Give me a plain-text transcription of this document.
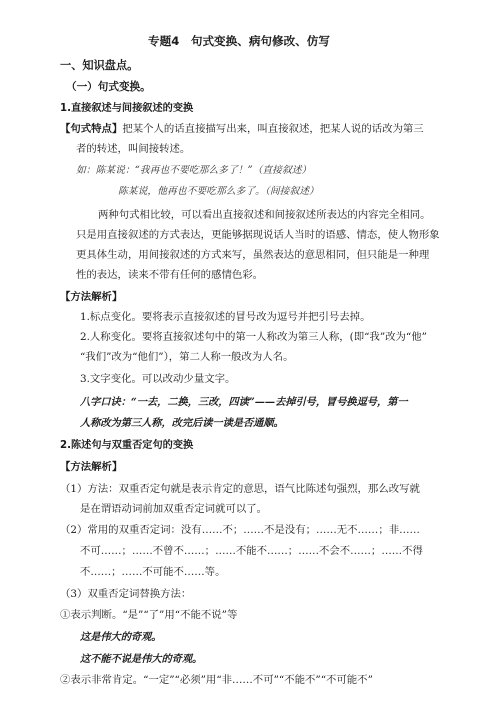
专题4　句式变换、病句修改、仿写
一、知识盘点。
（一）句式变换。
1.直接叙述与间接叙述的变换
【句式特点】把某个人的话直接描写出来，叫直接叙述，把某人说的话改为第三
者的转述，叫间接转述。
如：陈某说：“我再也不要吃那么多了！”（直接叙述）
陈某说，他再也不要吃那么多了。（间接叙述）
两种句式相比较，可以看出直接叙述和间接叙述所表达的内容完全相同。
只是用直接叙述的方式表达，更能够据现说话人当时的语感、情态，使人物形象
更具体生动，用间接叙述的方式来写，虽然表达的意思相同，但只能是一种理
性的表达，读来不带有任何的感情色彩。
【方法解析】
1.标点变化。要将表示直接叙述的冒号改为逗号并把引号去掉。
2.人称变化。要将直接叙述句中的第一人称改为第三人称，(即“我”改为“他”
“我们”改为“他们”），第二人称一般改为人名。
3.文字变化。可以改动少量文字。
八字口诀：“一去，二换，三改，四读”——去掉引号，冒号换逗号，第一
人称改为第三人称，改完后读一读是否通顺。
2.陈述句与双重否定句的变换
【方法解析】
（1）方法：双重否定句就是表示肯定的意思，语气比陈述句强烈，那么改写就
是在谓语动词前加双重否定词就可以了。
（2）常用的双重否定词：没有……不；……不是没有；……无不……；非……
不可……；……不曾不……；……不能不……；……不会不……；……不得
不……；……不可能不……等。
（3）双重否定词替换方法：
①表示判断。“是”“了”用“不能不说”等
这是伟大的奇观。
这不能不说是伟大的奇观。
②表示非常肯定。“一定”“必须”用“非……不可”“不能不”“不可能不”
